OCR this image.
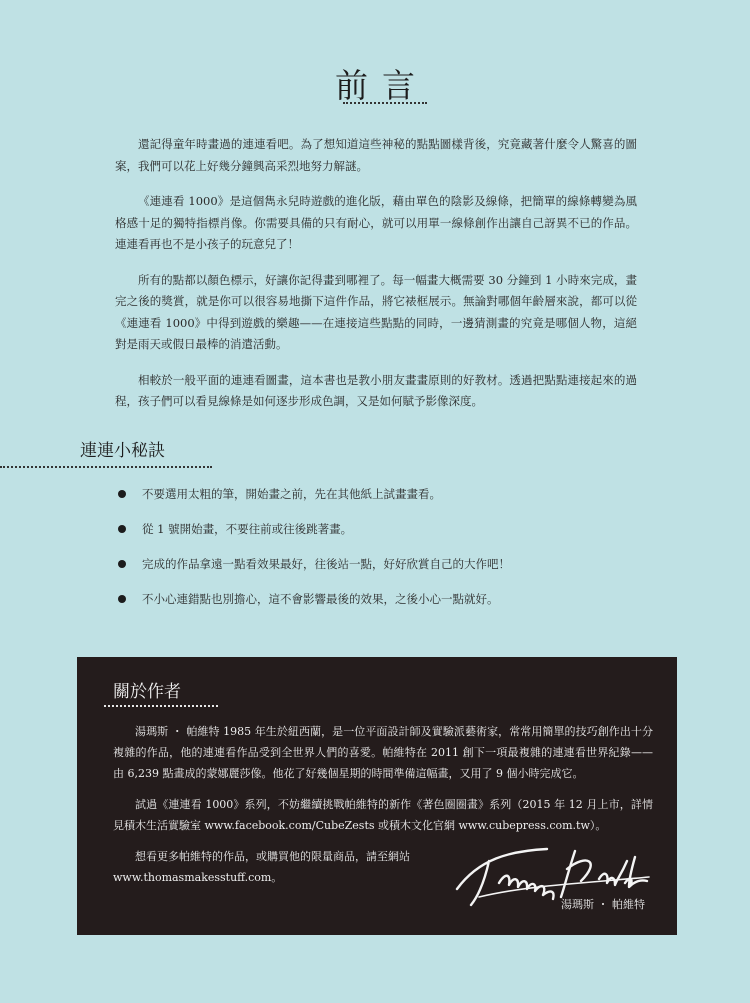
前言

還記得童年時畫過的連連看吧。為了想知道這些神秘的點點圖樣背後，究竟藏著什麼令人驚喜的圖案，我們可以花上好幾分鐘興高采烈地努力解謎。

《連連看 1000》是這個雋永兒時遊戲的進化版，藉由單色的陰影及線條，把簡單的線條轉變為風格感十足的獨特指標肖像。你需要具備的只有耐心，就可以用單一線條創作出讓自己訝異不已的作品。連連看再也不是小孩子的玩意兒了！

所有的點都以顏色標示，好讓你記得畫到哪裡了。每一幅畫大概需要 30 分鐘到 1 小時來完成，畫完之後的獎賞，就是你可以很容易地撕下這件作品，將它裱框展示。無論對哪個年齡層來說，都可以從《連連看 1000》中得到遊戲的樂趣——在連接這些點點的同時，一邊猜測畫的究竟是哪個人物，這絕對是雨天或假日最棒的消遣活動。

相較於一般平面的連連看圖畫，這本書也是教小朋友畫畫原則的好教材。透過把點點連接起來的過程，孩子們可以看見線條是如何逐步形成色調，又是如何賦予影像深度。

連連小秘訣
不要選用太粗的筆，開始畫之前，先在其他紙上試畫畫看。
從 1 號開始畫，不要往前或往後跳著畫。
完成的作品拿遠一點看效果最好，往後站一點，好好欣賞自己的大作吧！
不小心連錯點也別擔心，這不會影響最後的效果，之後小心一點就好。
關於作者

湯瑪斯 ・ 帕維特 1985 年生於紐西蘭，是一位平面設計師及實驗派藝術家，常常用簡單的技巧創作出十分複雜的作品，他的連連看作品受到全世界人們的喜愛。帕維特在 2011 創下一項最複雜的連連看世界紀錄——由 6,239 點畫成的蒙娜麗莎像。他花了好幾個星期的時間準備這幅畫，又用了 9 個小時完成它。

試過《連連看 1000》系列，不妨繼續挑戰帕維特的新作《著色圈圈畫》系列（2015 年 12 月上市，詳情見積木生活實驗室 www.facebook.com/CubeZests 或積木文化官網 www.cubepress.com.tw）。

想看更多帕維特的作品，或購買他的限量商品，請至網站

www.thomasmakesstuff.com。

湯瑪斯 ・ 帕維特
